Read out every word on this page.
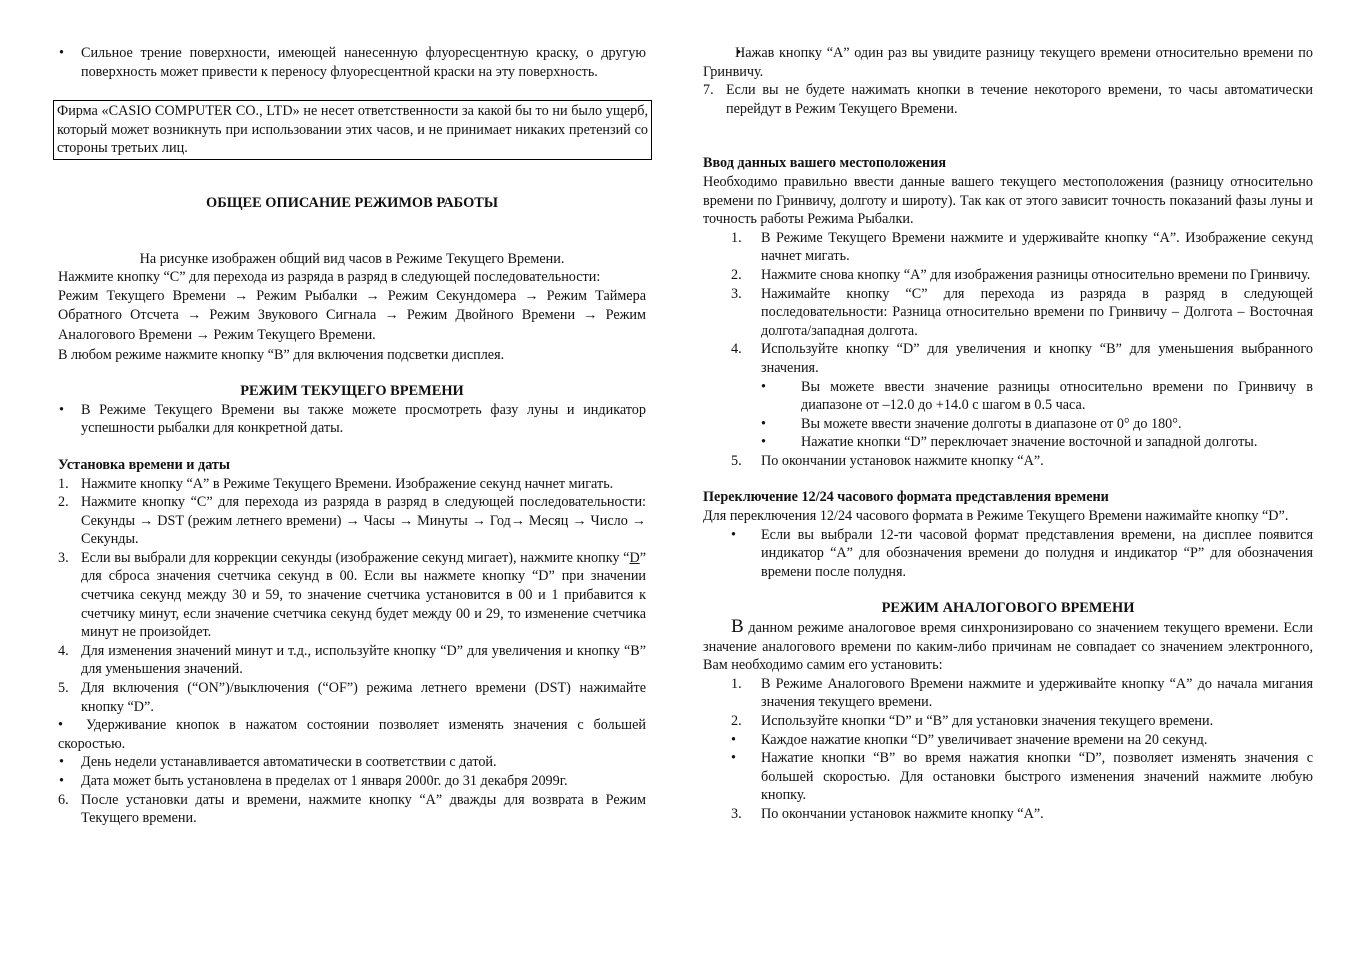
• Сильное трение поверхности, имеющей нанесенную флуоресцентную краску, о другую поверхность может привести к переносу флуоресцентной краски на эту поверхность.
Фирма «CASIO COMPUTER CO., LTD» не несет ответственности за какой бы то ни было ущерб, который может возникнуть при использовании этих часов, и не принимает никаких претензий со стороны третьих лиц.
ОБЩЕЕ ОПИСАНИЕ РЕЖИМОВ РАБОТЫ

На рисунке изображен общий вид часов в Режиме Текущего Времени.

Нажмите кнопку “C” для перехода из разряда в разряд в следующей последовательности:

Режим Текущего Времени → Режим Рыбалки → Режим Секундомера → Режим Таймера Обратного Отсчета → Режим Звукового Сигнала → Режим Двойного Времени → Режим Аналогового Времени → Режим Текущего Времени.

В любом режиме нажмите кнопку “B” для включения подсветки дисплея.

РЕЖИМ ТЕКУЩЕГО ВРЕМЕНИ
• В Режиме Текущего Времени вы также можете просмотреть фазу луны и индикатор успешности рыбалки для конкретной даты.
Установка времени и даты
1. Нажмите кнопку “A” в Режиме Текущего Времени. Изображение секунд начнет мигать.
2. Нажмите кнопку “C” для перехода из разряда в разряд в следующей последовательности: Секунды → DST (режим летнего времени) → Часы → Минуты → Год→ Месяц → Число → Секунды.
3. Если вы выбрали для коррекции секунды (изображение секунд мигает), нажмите кнопку “D” для сброса значения счетчика секунд в 00. Если вы нажмете кнопку “D” при значении счетчика секунд между 30 и 59, то значение счетчика установится в 00 и 1 прибавится к счетчику минут, если значение счетчика секунд будет между 00 и 29, то изменение счетчика минут не произойдет.
4. Для изменения значений минут и т.д., используйте кнопку “D” для увеличения и кнопку “B” для уменьшения значений.
5. Для включения (“ON”)/выключения (“OF”) режима летнего времени (DST) нажимайте кнопку “D”.

• Удерживание кнопок в нажатом состоянии позволяет изменять значения с большей скоростью.

• День недели устанавливается автоматически в соответствии с датой.
• Дата может быть установлена в пределах от 1 января 2000г. до 31 декабря 2099г.
6. После установки даты и времени, нажмите кнопку “A” дважды для возврата в Режим Текущего времени.
• Нажав кнопку “A” один раз вы увидите разницу текущего времени относительно времени по Гринвичу.
7. Если вы не будете нажимать кнопки в течение некоторого времени, то часы автоматически перейдут в Режим Текущего Времени.
Ввод данных вашего местоположения

Необходимо правильно ввести данные вашего текущего местоположения (разницу относительно времени по Гринвичу, долготу и широту). Так как от этого зависит точность показаний фазы луны и точность работы Режима Рыбалки.

1. В Режиме Текущего Времени нажмите и удерживайте кнопку “A”. Изображение секунд начнет мигать.
2. Нажмите снова кнопку “A” для изображения разницы относительно времени по Гринвичу.
3. Нажимайте кнопку “C” для перехода из разряда в разряд в следующей последовательности: Разница относительно времени по Гринвичу – Долгота – Восточная долгота/западная долгота.
4. Используйте кнопку “D” для увеличения и кнопку “B” для уменьшения выбранного значения.
• Вы можете ввести значение разницы относительно времени по Гринвичу в диапазоне от –12.0 до +14.0 с шагом в 0.5 часа.
• Вы можете ввести значение долготы в диапазоне от 0° до 180°.
• Нажатие кнопки “D” переключает значение восточной и западной долготы.
5. По окончании установок нажмите кнопку “A”.
Переключение 12/24 часового формата представления времени

Для переключения 12/24 часового формата в Режиме Текущего Времени нажимайте кнопку “D”.

• Если вы выбрали 12-ти часовой формат представления времени, на дисплее появится индикатор “A” для обозначения времени до полудня и индикатор “P” для обозначения времени после полудня.
РЕЖИМ АНАЛОГОВОГО ВРЕМЕНИ

В данном режиме аналоговое время синхронизировано со значением текущего времени. Если значение аналогового времени по каким-либо причинам не совпадает со значением электронного, Вам необходимо самим его установить:

1. В Режиме Аналогового Времени нажмите и удерживайте кнопку “A” до начала мигания значения текущего времени.
2. Используйте кнопки “D” и “B” для установки значения текущего времени.
• Каждое нажатие кнопки “D” увеличивает значение времени на 20 секунд.
• Нажатие кнопки “B” во время нажатия кнопки “D”, позволяет изменять значения с большей скоростью. Для остановки быстрого изменения значений нажмите любую кнопку.
3. По окончании установок нажмите кнопку “A”.
